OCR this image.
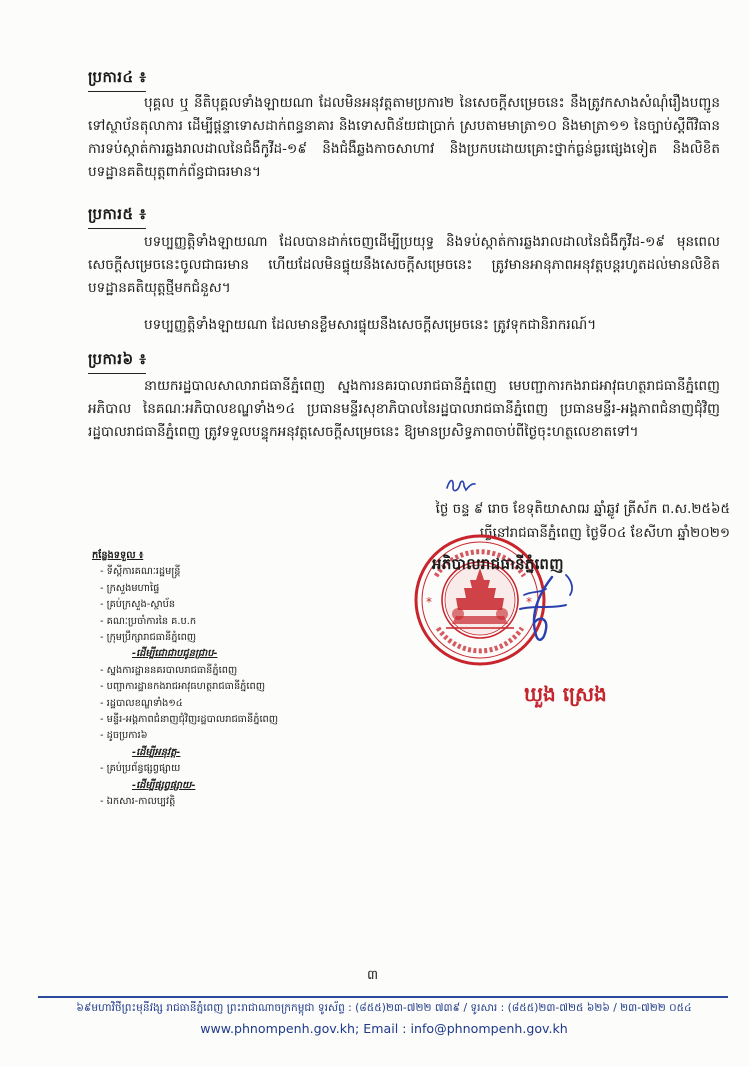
ប្រការ៤ ៖

បុគ្គល ឬ នីតិបុគ្គលទាំងឡាយណា ដែលមិនអនុវត្តតាមប្រការ២ នៃសេចក្តីសម្រេចនេះ នឹងត្រូវកសាងសំណុំរឿងបញ្ជូនទៅស្ថាប័នតុលាការ ដើម្បីផ្តន្ទាទោសដាក់ពន្ធនាគារ និងទោសពិន័យជាប្រាក់ ស្របតាមមាត្រា១០ និងមាត្រា១១ នៃច្បាប់ស្តីពីវិធានការទប់ស្កាត់ការឆ្លងរាលដាលនៃជំងឺកូវីដ-១៩ និងជំងឺឆ្លងកាចសាហាវ និងប្រកបដោយគ្រោះថ្នាក់ធ្ងន់ធ្ងរផ្សេងទៀត និងលិខិតបទដ្ឋានគតិយុត្តពាក់ព័ន្ធជាធរមាន។

ប្រការ៥ ៖

បទប្បញ្ញត្តិទាំងឡាយណា ដែលបានដាក់ចេញដើម្បីប្រយុទ្ធ និងទប់ស្កាត់ការឆ្លងរាលដាលនៃជំងឺកូវីដ-១៩ មុនពេលសេចក្តីសម្រេចនេះចូលជាធរមាន ហើយដែលមិនផ្ទុយនឹងសេចក្តីសម្រេចនេះ ត្រូវមានអានុភាពអនុវត្តបន្តរហូតដល់មានលិខិតបទដ្ឋានគតិយុត្តថ្មីមកជំនួស។

បទប្បញ្ញត្តិទាំងឡាយណា ដែលមានខ្លឹមសារផ្ទុយនឹងសេចក្តីសម្រេចនេះ ត្រូវទុកជានិរាករណ៍។

ប្រការ៦ ៖

នាយករដ្ឋបាលសាលារាជធានីភ្នំពេញ ស្នងការនគរបាលរាជធានីភ្នំពេញ មេបញ្ជាការកងរាជអាវុធហត្ថរាជធានីភ្នំពេញ អភិបាល នៃគណៈអភិបាលខណ្ឌទាំង១៤ ប្រធានមន្ទីរសុខាភិបាលនៃរដ្ឋបាលរាជធានីភ្នំពេញ ប្រធានមន្ទីរ-អង្គភាពជំនាញជុំវិញរដ្ឋបាលរាជធានីភ្នំពេញ ត្រូវទទួលបន្ទុកអនុវត្តសេចក្តីសម្រេចនេះ ឱ្យមានប្រសិទ្ធភាពចាប់ពីថ្ងៃចុះហត្ថលេខាតទៅ។

ថ្ងៃ ចន្ទ ៩ រោច ខែទុតិយាសាឍ ឆ្នាំឆ្លូវ ត្រីស័ក ព.ស.២៥៦៥

ធ្វើនៅរាជធានីភ្នំពេញ ថ្ងៃទី០៤ ខែសីហា ឆ្នាំ២០២១

*	*
អភិបាលរាជធានីភ្នំពេញ
ឃួង ស្រេង
កន្លែងទទួល ៖
- ទីស្តីការគណៈរដ្ឋមន្ត្រី
- ក្រសួងមហាផ្ទៃ
- គ្រប់ក្រសួង-ស្ថាប័ន
- គណៈប្រចាំការនៃ គ.ប.ក
- ក្រុមប្រឹក្សារាជធានីភ្នំពេញ
-ដើម្បីជោជាបជូនជ្រាប-
- ស្នងការដ្ឋាននគរបាលរាជធានីភ្នំពេញ
- បញ្ជាការដ្ឋានកងរាជអាវុធហត្ថរាជធានីភ្នំពេញ
- រដ្ឋបាលខណ្ឌទាំង១៤
- មន្ទីរ-អង្គភាពជំនាញជុំវិញរដ្ឋបាលរាជធានីភ្នំពេញ
- ដូចប្រការ៦
-ដើម្បីអនុវត្ត-
- គ្រប់ប្រព័ន្ធផ្សព្វផ្សាយ
-ដើម្បីផ្សព្វផ្សាយ-
- ឯកសារ-កាលប្បវត្តិ
៣
៦៩មហាវិថីព្រះមុនីវង្ស រាជធានីភ្នំពេញ ព្រះរាជាណាចក្រកម្ពុជា ទូរស័ព្ទ : (៨៥៥)២៣-៧២២ ៧៣៩ / ទូរសារ : (៨៥៥)២៣-៧២៥ ៦២៦ / ២៣-៧២២ ០៥៤
www.phnompenh.gov.kh; Email : info@phnompenh.gov.kh
